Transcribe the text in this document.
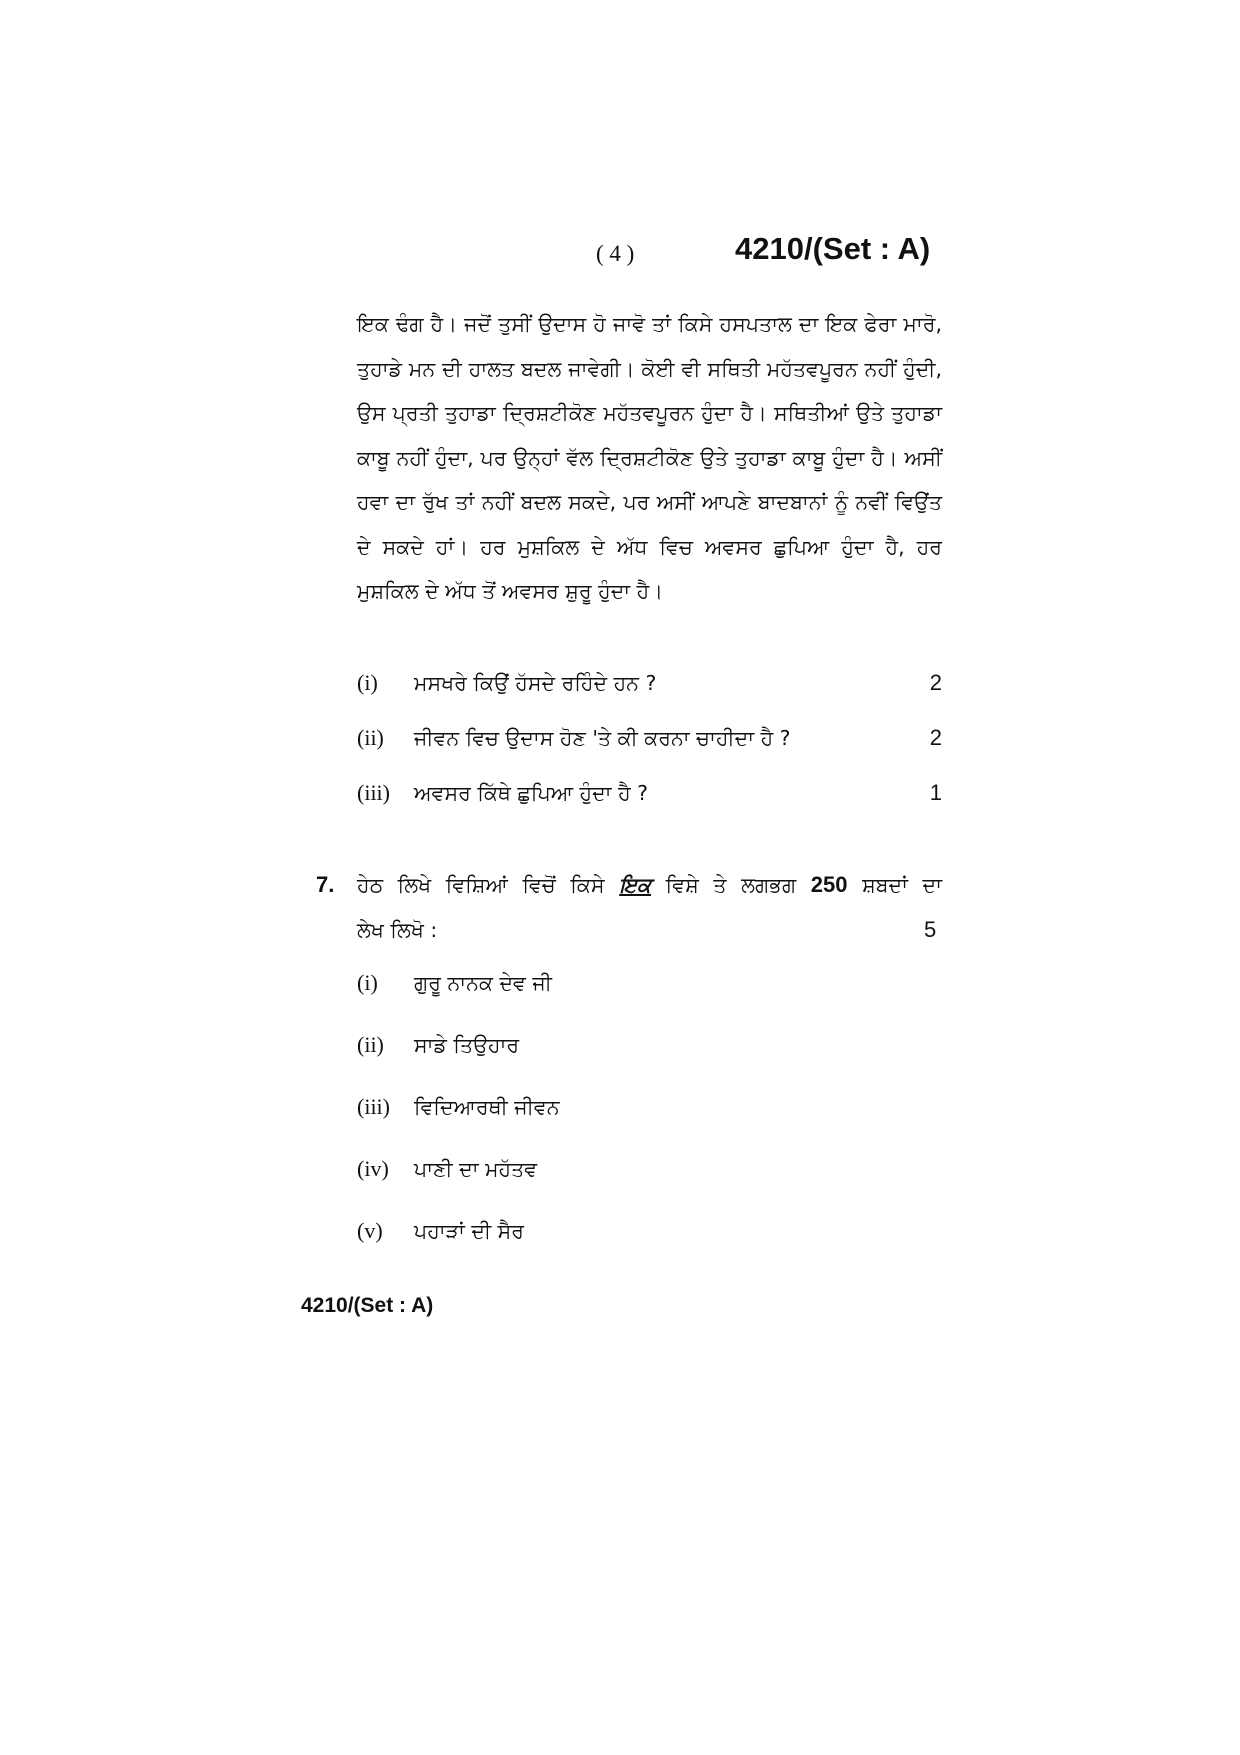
( 4 )	4210/(Set : A)
ਇਕ ਢੰਗ ਹੈ। ਜਦੋਂ ਤੁਸੀਂ ਉਦਾਸ ਹੋ ਜਾਵੋ ਤਾਂ ਕਿਸੇ ਹਸਪਤਾਲ ਦਾ ਇਕ ਫੇਰਾ ਮਾਰੋ, ਤੁਹਾਡੇ ਮਨ ਦੀ ਹਾਲਤ ਬਦਲ ਜਾਵੇਗੀ। ਕੋਈ ਵੀ ਸਥਿਤੀ ਮਹੱਤਵਪੂਰਨ ਨਹੀਂ ਹੁੰਦੀ, ਉਸ ਪ੍ਰਤੀ ਤੁਹਾਡਾ ਦ੍ਰਿਸ਼ਟੀਕੋਣ ਮਹੱਤਵਪੂਰਨ ਹੁੰਦਾ ਹੈ। ਸਥਿਤੀਆਂ ਉਤੇ ਤੁਹਾਡਾ ਕਾਬੂ ਨਹੀਂ ਹੁੰਦਾ, ਪਰ ਉਨ੍ਹਾਂ ਵੱਲ ਦ੍ਰਿਸ਼ਟੀਕੋਣ ਉਤੇ ਤੁਹਾਡਾ ਕਾਬੂ ਹੁੰਦਾ ਹੈ। ਅਸੀਂ ਹਵਾ ਦਾ ਰੁੱਖ ਤਾਂ ਨਹੀਂ ਬਦਲ ਸਕਦੇ, ਪਰ ਅਸੀਂ ਆਪਣੇ ਬਾਦਬਾਨਾਂ ਨੂੰ ਨਵੀਂ ਵਿਉਂਤ ਦੇ ਸਕਦੇ ਹਾਂ। ਹਰ ਮੁਸ਼ਕਿਲ ਦੇ ਅੱਧ ਵਿਚ ਅਵਸਰ ਛੁਪਿਆ ਹੁੰਦਾ ਹੈ, ਹਰ ਮੁਸ਼ਕਿਲ ਦੇ ਅੱਧ ਤੋਂ ਅਵਸਰ ਸ਼ੁਰੂ ਹੁੰਦਾ ਹੈ।
(i) ਮਸਖਰੇ ਕਿਉਂ ਹੱਸਦੇ ਰਹਿੰਦੇ ਹਨ ?	2
(ii) ਜੀਵਨ ਵਿਚ ਉਦਾਸ ਹੋਣ 'ਤੇ ਕੀ ਕਰਨਾ ਚਾਹੀਦਾ ਹੈ ?	2
(iii) ਅਵਸਰ ਕਿੱਥੇ ਛੁਪਿਆ ਹੁੰਦਾ ਹੈ ?	1
7. ਹੇਠ ਲਿਖੇ ਵਿਸ਼ਿਆਂ ਵਿਚੋਂ ਕਿਸੇ ਇਕ ਵਿਸ਼ੇ ਤੇ ਲਗਭਗ 250 ਸ਼ਬਦਾਂ ਦਾ
ਲੇਖ ਲਿਖੋ :	5
(i) ਗੁਰੂ ਨਾਨਕ ਦੇਵ ਜੀ
(ii) ਸਾਡੇ ਤਿਉਹਾਰ
(iii) ਵਿਦਿਆਰਥੀ ਜੀਵਨ
(iv) ਪਾਣੀ ਦਾ ਮਹੱਤਵ
(v) ਪਹਾੜਾਂ ਦੀ ਸੈਰ
4210/(Set : A)
